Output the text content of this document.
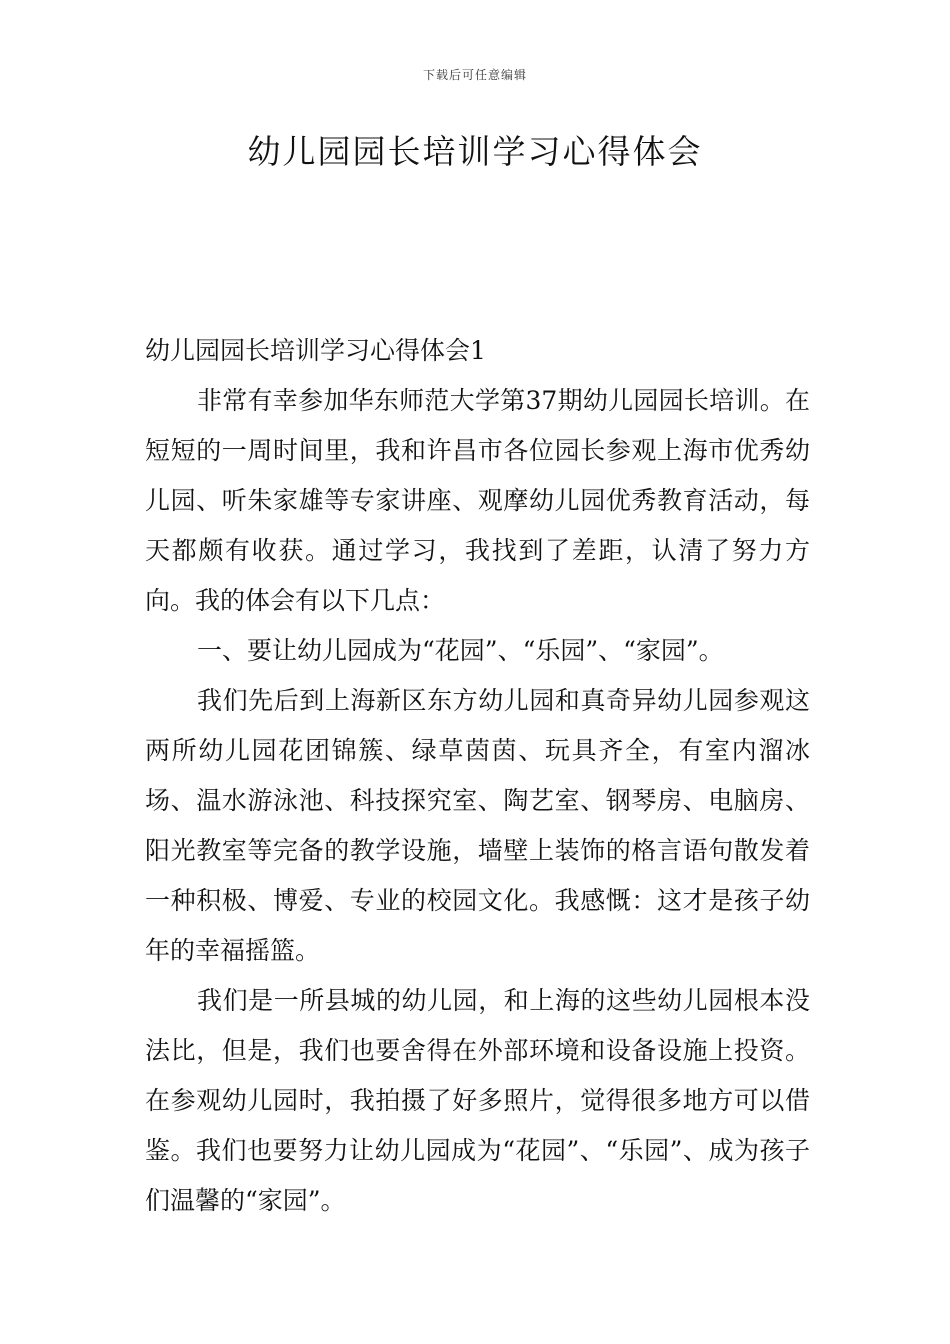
下载后可任意编辑
幼儿园园长培训学习心得体会

幼儿园园长培训学习心得体会1

非常有幸参加华东师范大学第37期幼儿园园长培训。在短短的一周时间里，我和许昌市各位园长参观上海市优秀幼儿园、听朱家雄等专家讲座、观摩幼儿园优秀教育活动，每天都颇有收获。通过学习，我找到了差距，认清了努力方向。我的体会有以下几点：

一、要让幼儿园成为“花园”、“乐园”、“家园”。

我们先后到上海新区东方幼儿园和真奇异幼儿园参观这两所幼儿园花团锦簇、绿草茵茵、玩具齐全，有室内溜冰场、温水游泳池、科技探究室、陶艺室、钢琴房、电脑房、阳光教室等完备的教学设施，墙壁上装饰的格言语句散发着一种积极、博爱、专业的校园文化。我感慨：这才是孩子幼年的幸福摇篮。

我们是一所县城的幼儿园，和上海的这些幼儿园根本没法比，但是，我们也要舍得在外部环境和设备设施上投资。在参观幼儿园时，我拍摄了好多照片，觉得很多地方可以借鉴。我们也要努力让幼儿园成为“花园”、“乐园”、成为孩子们温馨的“家园”。
